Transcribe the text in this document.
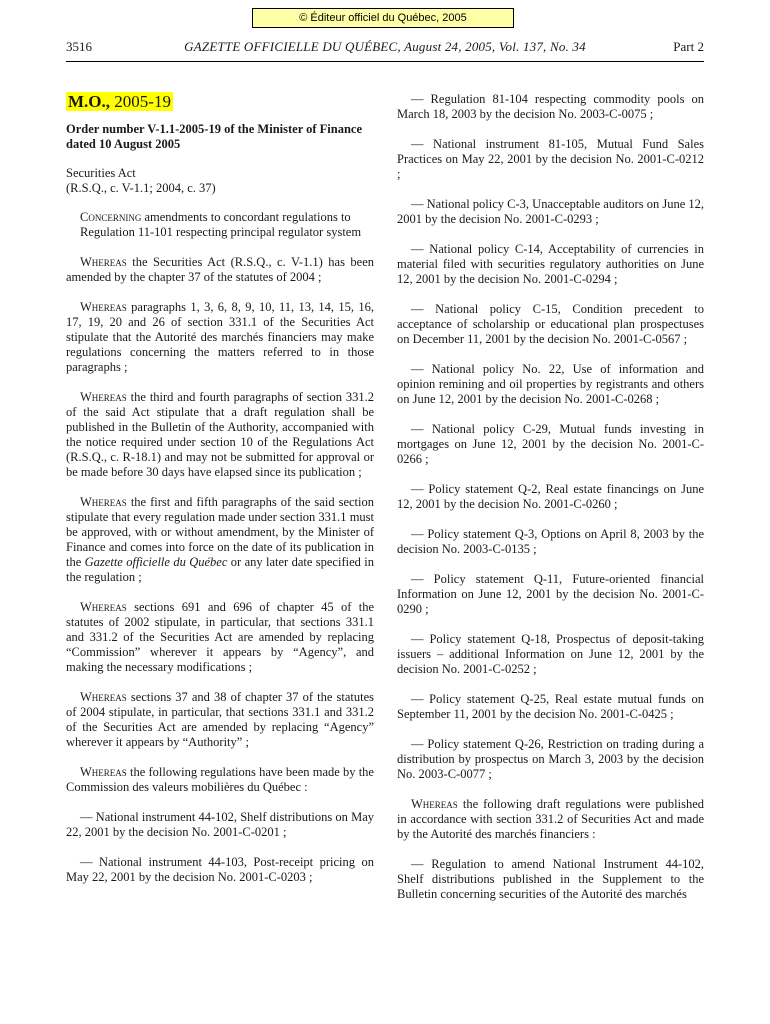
© Éditeur officiel du Québec, 2005
3516	GAZETTE OFFICIELLE DU QUÉBEC, August 24, 2005, Vol. 137, No. 34	Part 2
M.O., 2005-19
Order number V-1.1-2005-19 of the Minister of Finance dated 10 August 2005
Securities Act
(R.S.Q., c. V-1.1; 2004, c. 37)
Concerning amendments to concordant regulations to Regulation 11-101 respecting principal regulator system

Whereas the Securities Act (R.S.Q., c. V-1.1) has been amended by the chapter 37 of the statutes of 2004 ;

Whereas paragraphs 1, 3, 6, 8, 9, 10, 11, 13, 14, 15, 16, 17, 19, 20 and 26 of section 331.1 of the Securities Act stipulate that the Autorité des marchés financiers may make regulations concerning the matters referred to in those paragraphs ;

Whereas the third and fourth paragraphs of section 331.2 of the said Act stipulate that a draft regulation shall be published in the Bulletin of the Authority, accompanied with the notice required under section 10 of the Regulations Act (R.S.Q., c. R-18.1) and may not be submitted for approval or be made before 30 days have elapsed since its publication ;

Whereas the first and fifth paragraphs of the said section stipulate that every regulation made under section 331.1 must be approved, with or without amendment, by the Minister of Finance and comes into force on the date of its publication in the Gazette officielle du Québec or any later date specified in the regulation ;

Whereas sections 691 and 696 of chapter 45 of the statutes of 2002 stipulate, in particular, that sections 331.1 and 331.2 of the Securities Act are amended by replacing “Commission” wherever it appears by “Agency”, and making the necessary modifications ;

Whereas sections 37 and 38 of chapter 37 of the statutes of 2004 stipulate, in particular, that sections 331.1 and 331.2 of the Securities Act are amended by replacing “Agency” wherever it appears by “Authority” ;

Whereas the following regulations have been made by the Commission des valeurs mobilières du Québec :

— National instrument 44-102, Shelf distributions on May 22, 2001 by the decision No. 2001-C-0201 ;

— National instrument 44-103, Post-receipt pricing on May 22, 2001 by the decision No. 2001-C-0203 ;

— Regulation 81-104 respecting commodity pools on March 18, 2003 by the decision No. 2003-C-0075 ;

— National instrument 81-105, Mutual Fund Sales Practices on May 22, 2001 by the decision No. 2001-C-0212 ;

— National policy C-3, Unacceptable auditors on June 12, 2001 by the decision No. 2001-C-0293 ;

— National policy C-14, Acceptability of currencies in material filed with securities regulatory authorities on June 12, 2001 by the decision No. 2001-C-0294 ;

— National policy C-15, Condition precedent to acceptance of scholarship or educational plan prospectuses on December 11, 2001 by the decision No. 2001-C-0567 ;

— National policy No. 22, Use of information and opinion remining and oil properties by registrants and others on June 12, 2001 by the decision No. 2001-C-0268 ;

— National policy C-29, Mutual funds investing in mortgages on June 12, 2001 by the decision No. 2001-C-0266 ;

— Policy statement Q-2, Real estate financings on June 12, 2001 by the decision No. 2001-C-0260 ;

— Policy statement Q-3, Options on April 8, 2003 by the decision No. 2003-C-0135 ;

— Policy statement Q-11, Future-oriented financial Information on June 12, 2001 by the decision No. 2001-C-0290 ;

— Policy statement Q-18, Prospectus of deposit-taking issuers – additional Information on June 12, 2001 by the decision No. 2001-C-0252 ;

— Policy statement Q-25, Real estate mutual funds on September 11, 2001 by the decision No. 2001-C-0425 ;

— Policy statement Q-26, Restriction on trading during a distribution by prospectus on March 3, 2003 by the decision No. 2003-C-0077 ;

Whereas the following draft regulations were published in accordance with section 331.2 of Securities Act and made by the Autorité des marchés financiers :

— Regulation to amend National Instrument 44-102, Shelf distributions published in the Supplement to the Bulletin concerning securities of the Autorité des marchés
